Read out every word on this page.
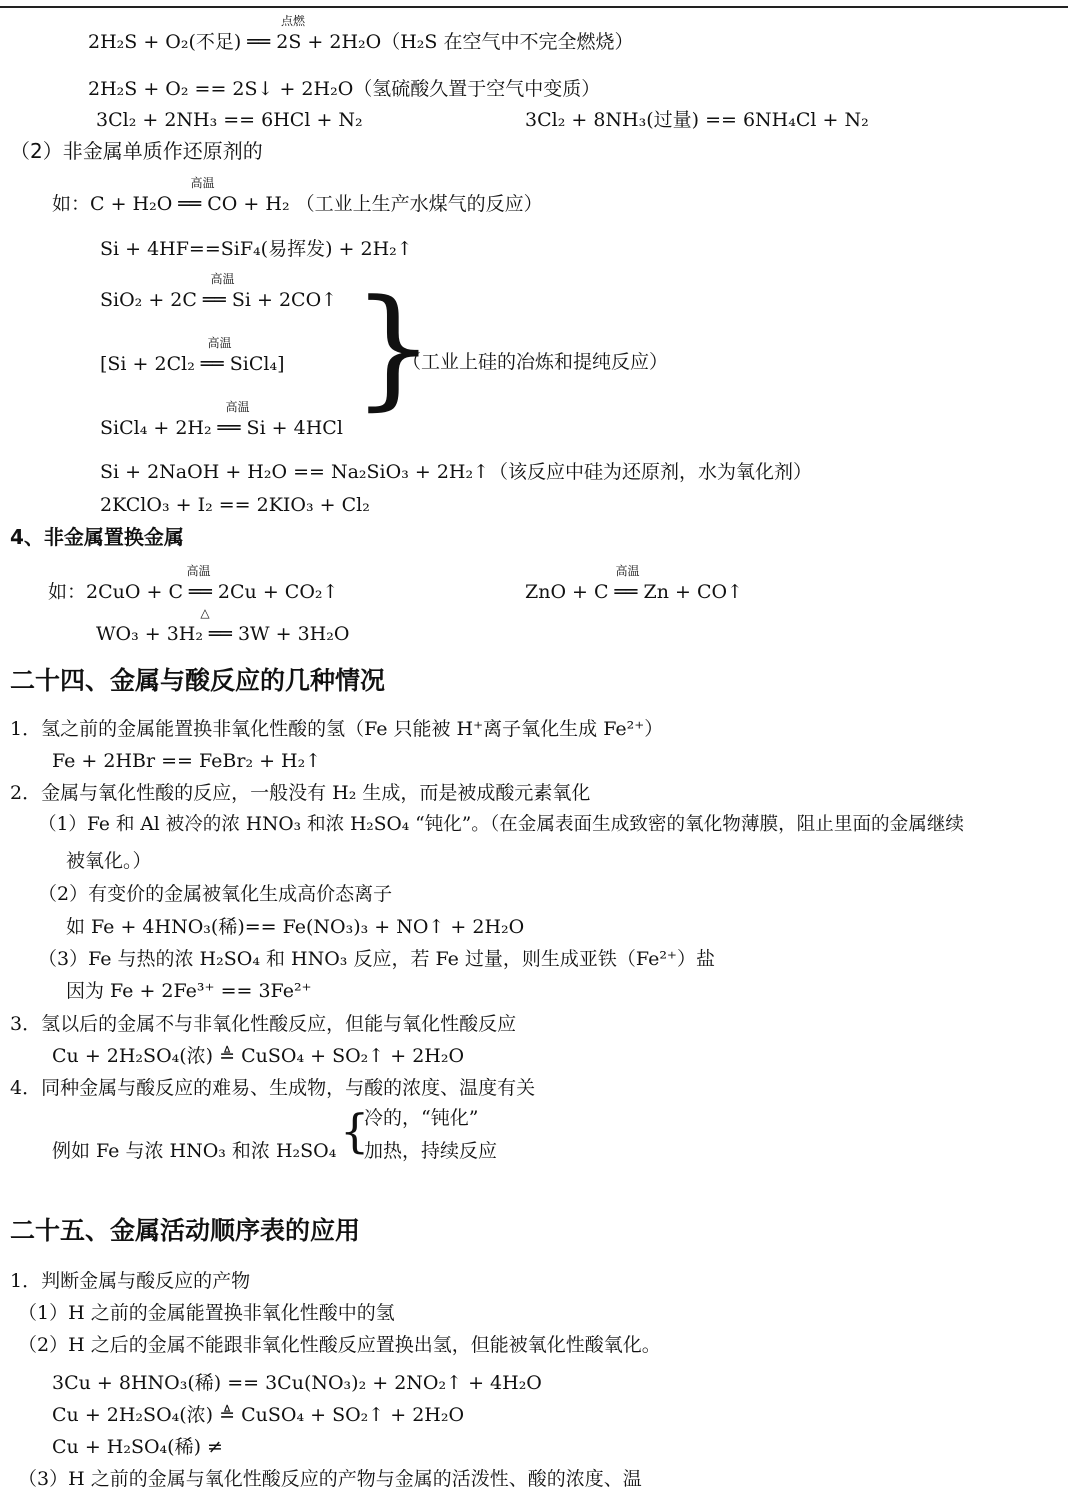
点燃
2H₂S + O₂(不足) ══ 2S + 2H₂O（H₂S 在空气中不完全燃烧）
2H₂S + O₂ == 2S↓ + 2H₂O（氢硫酸久置于空气中变质）
3Cl₂ + 2NH₃ == 6HCl + N₂	3Cl₂ + 8NH₃(过量) == 6NH₄Cl + N₂
（2）非金属单质作还原剂的
高温
如：C + H₂O ══ CO + H₂ （工业上生产水煤气的反应）
Si + 4HF==SiF₄(易挥发) + 2H₂↑
高温
SiO₂ + 2C ══ Si + 2CO↑
高温
[Si + 2Cl₂ ══ SiCl₄]
高温
SiCl₄ + 2H₂ ══ Si + 4HCl
}
（工业上硅的冶炼和提纯反应）
Si + 2NaOH + H₂O == Na₂SiO₃ + 2H₂↑（该反应中硅为还原剂，水为氧化剂）
2KClO₃ + I₂ == 2KIO₃ + Cl₂
4、非金属置换金属
高温
如：2CuO + C ══ 2Cu + CO₂↑
高温
ZnO + C ══ Zn + CO↑
△
WO₃ + 3H₂ ══ 3W + 3H₂O
二十四、金属与酸反应的几种情况
1．氢之前的金属能置换非氧化性酸的氢（Fe 只能被 H⁺离子氧化生成 Fe²⁺）
Fe + 2HBr == FeBr₂ + H₂↑
2．金属与氧化性酸的反应，一般没有 H₂ 生成，而是被成酸元素氧化
（1）Fe 和 Al 被冷的浓 HNO₃ 和浓 H₂SO₄ “钝化”。（在金属表面生成致密的氧化物薄膜，阻止里面的金属继续
被氧化。）
（2）有变价的金属被氧化生成高价态离子
如 Fe + 4HNO₃(稀)== Fe(NO₃)₃ + NO↑ + 2H₂O
（3）Fe 与热的浓 H₂SO₄ 和 HNO₃ 反应，若 Fe 过量，则生成亚铁（Fe²⁺）盐
因为 Fe + 2Fe³⁺ == 3Fe²⁺
3．氢以后的金属不与非氧化性酸反应，但能与氧化性酸反应
Cu + 2H₂SO₄(浓) ≜ CuSO₄ + SO₂↑ + 2H₂O
4．同种金属与酸反应的难易、生成物，与酸的浓度、温度有关
例如 Fe 与浓 HNO₃ 和浓 H₂SO₄ {
冷的，“钝化”
加热，持续反应
二十五、金属活动顺序表的应用
1．判断金属与酸反应的产物
（1）H 之前的金属能置换非氧化性酸中的氢
（2）H 之后的金属不能跟非氧化性酸反应置换出氢，但能被氧化性酸氧化。
3Cu + 8HNO₃(稀) == 3Cu(NO₃)₂ + 2NO₂↑ + 4H₂O
Cu + 2H₂SO₄(浓) ≜ CuSO₄ + SO₂↑ + 2H₂O
Cu + H₂SO₄(稀) ≠
（3）H 之前的金属与氧化性酸反应的产物与金属的活泼性、酸的浓度、温
